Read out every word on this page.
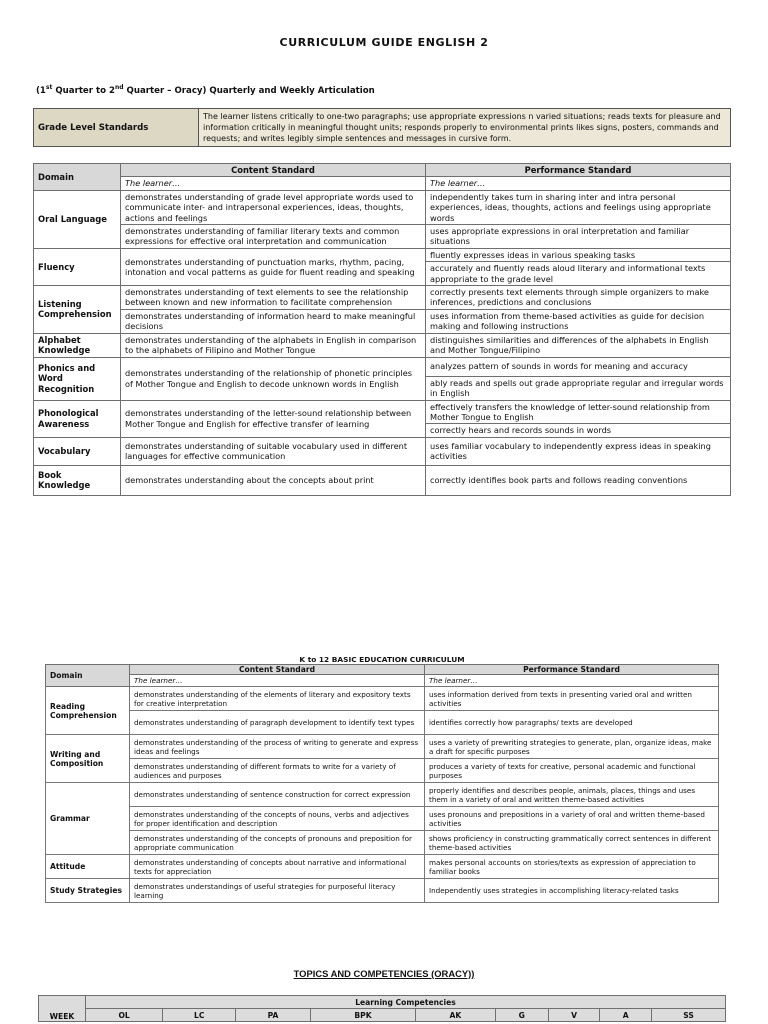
CURRICULUM GUIDE ENGLISH 2
(1st Quarter to 2nd Quarter – Oracy) Quarterly and Weekly Articulation
Grade Level Standards	The learner listens critically to one-two paragraphs; use appropriate expressions n varied situations; reads texts for pleasure and information critically in meaningful thought units; responds properly to environmental prints likes signs, posters, commands and requests; and writes legibly simple sentences and messages in cursive form.
Domain	Content Standard	Performance Standard
	The learner…	The learner…
Oral Language	demonstrates understanding of grade level appropriate words used to communicate inter- and intrapersonal experiences, ideas, thoughts, actions and feelings	independently takes turn in sharing inter and intra personal experiences, ideas, thoughts, actions and feelings using appropriate words
	demonstrates understanding of familiar literary texts and common expressions for effective oral interpretation and communication	uses appropriate expressions in oral interpretation and familiar situations
Fluency	demonstrates understanding of punctuation marks, rhythm, pacing, intonation and vocal patterns as guide for fluent reading and speaking	fluently expresses ideas in various speaking tasks
		accurately and fluently reads aloud literary and informational texts appropriate to the grade level
Listening Comprehension	demonstrates understanding of text elements to see the relationship between known and new information to facilitate comprehension	correctly presents text elements through simple organizers to make inferences, predictions and conclusions
	demonstrates understanding of information heard to make meaningful decisions	uses information from theme-based activities as guide for decision making and following instructions
Alphabet Knowledge	demonstrates understanding of the alphabets in English in comparison to the alphabets of Filipino and Mother Tongue	distinguishes similarities and differences of the alphabets in English and Mother Tongue/Filipino
Phonics and Word Recognition	demonstrates understanding of the relationship of phonetic principles of Mother Tongue and English to decode unknown words in English	analyzes pattern of sounds in words for meaning and accuracy
		ably reads and spells out grade appropriate regular and irregular words in English
Phonological Awareness	demonstrates understanding of the letter-sound relationship between Mother Tongue and English for effective transfer of learning	effectively transfers the knowledge of letter-sound relationship from Mother Tongue to English
		correctly hears and records sounds in words
Vocabulary	demonstrates understanding of suitable vocabulary used in different languages for effective communication	uses familiar vocabulary to independently express ideas in speaking activities
Book Knowledge	demonstrates understanding about the concepts about print	correctly identifies book parts and follows reading conventions
K to 12 BASIC EDUCATION CURRICULUM
Domain	Content Standard	Performance Standard
	The learner…	The learner…
Reading Comprehension	demonstrates understanding of the elements of literary and expository texts for creative interpretation	uses information derived from texts in presenting varied oral and written activities
	demonstrates understanding of paragraph development to identify text types	identifies correctly how paragraphs/ texts are developed
Writing and Composition	demonstrates understanding of the process of writing to generate and express ideas and feelings	uses a variety of prewriting strategies to generate, plan, organize ideas, make a draft for specific purposes
	demonstrates understanding of different formats to write for a variety of audiences and purposes	produces a variety of texts for creative, personal academic and functional purposes
Grammar	demonstrates understanding of sentence construction for correct expression	properly identifies and describes people, animals, places, things and uses them in a variety of oral and written theme-based activities
	demonstrates understanding of the concepts of nouns, verbs and adjectives for proper identification and description	uses pronouns and prepositions in a variety of oral and written theme-based activities
	demonstrates understanding of the concepts of pronouns and preposition for appropriate communication	shows proficiency in constructing grammatically correct sentences in different theme-based activities
Attitude	demonstrates understanding of concepts about narrative and informational texts for appreciation	makes personal accounts on stories/texts as expression of appreciation to familiar books
Study Strategies	demonstrates understandings of useful strategies for purposeful literacy learning	Independently uses strategies in accomplishing literacy-related tasks
TOPICS AND COMPETENCIES (ORACY))
WEEK	Learning Competencies								
	OL	LC	PA	BPK	AK	G	V	A	SS
